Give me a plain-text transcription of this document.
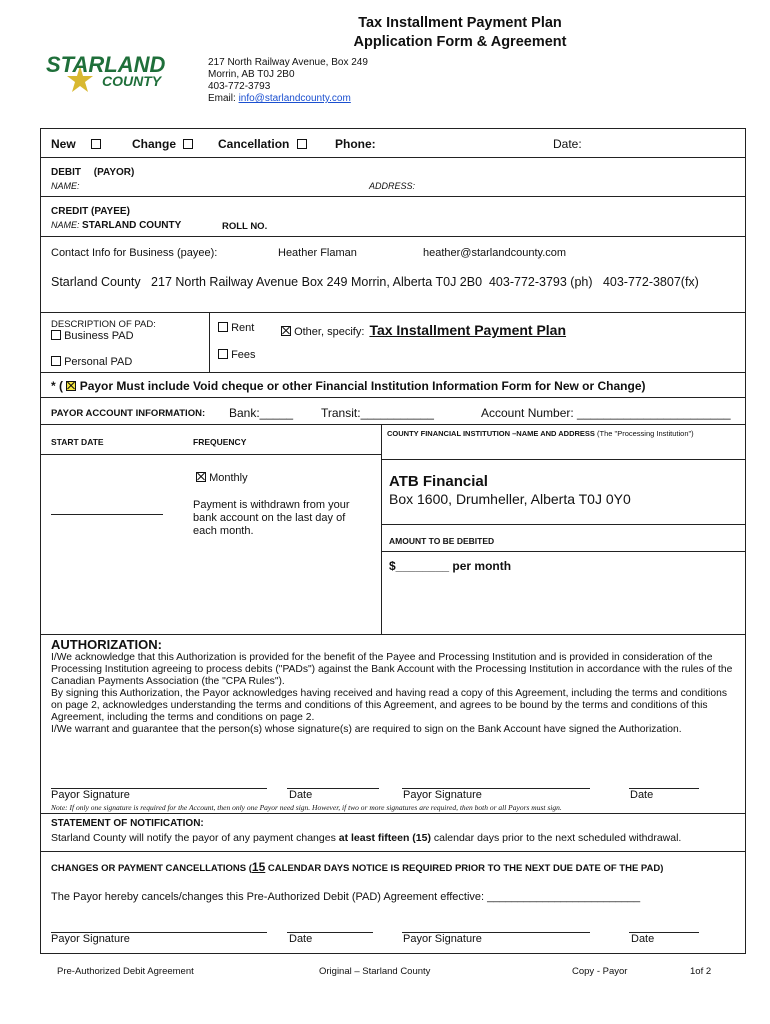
STARLAND
COUNTY
Tax Installment Payment Plan
Application Form & Agreement
217 North Railway Avenue, Box 249
Morrin, AB T0J 2B0
403-772-3793
Email: info@starlandcounty.com
New	Change	Cancellation	Phone:	Date:
DEBIT (PAYOR)
NAME:	ADDRESS:
CREDIT (PAYEE)
NAME: STARLAND COUNTY	ROLL NO.
Contact Info for Business (payee):	Heather Flaman	heather@starlandcounty.com
Starland County   217 North Railway Avenue Box 249 Morrin, Alberta T0J 2B0  403-772-3793 (ph)   403-772-3807(fx)
DESCRIPTION OF PAD:
Business PAD
Personal PAD
Rent
Fees
Other, specify: Tax Installment Payment Plan
* ( Payor Must include Void cheque or other Financial Institution Information Form for New or Change)
PAYOR ACCOUNT INFORMATION: Bank:_____ Transit:___________	Account Number: _______________________
START DATE	FREQUENCY
COUNTY FINANCIAL INSTITUTION –NAME AND ADDRESS (The "Processing Institution")
Monthly
Payment is withdrawn from your bank account on the last day of each month.
ATB Financial
Box 1600, Drumheller, Alberta T0J 0Y0
AMOUNT TO BE DEBITED
$________ per month
AUTHORIZATION:
I/We acknowledge that this Authorization is provided for the benefit of the Payee and Processing Institution and is provided in consideration of the Processing Institution agreeing to process debits ("PADs") against the Bank Account with the Processing Institution in accordance with the rules of the Canadian Payments Association (the "CPA Rules").
By signing this Authorization, the Payor acknowledges having received and having read a copy of this Agreement, including the terms and conditions on page 2, acknowledges understanding the terms and conditions of this Agreement, and agrees to be bound by the terms and conditions of this Agreement, including the terms and conditions on page 2.
I/We warrant and guarantee that the person(s) whose signature(s) are required to sign on the Bank Account have signed the Authorization.
Payor Signature	Date	Payor Signature	Date
Note: If only one signature is required for the Account, then only one Payor need sign. However, if two or more signatures are required, then both or all Payors must sign.
STATEMENT OF NOTIFICATION:
Starland County will notify the payor of any payment changes at least fifteen (15) calendar days prior to the next scheduled withdrawal.
CHANGES OR PAYMENT CANCELLATIONS (15 CALENDAR DAYS NOTICE IS REQUIRED PRIOR TO THE NEXT DUE DATE OF THE PAD)
The Payor hereby cancels/changes this Pre-Authorized Debit (PAD) Agreement effective: _________________________
Payor Signature	Date	Payor Signature	Date
Pre-Authorized Debit Agreement	Original – Starland County	Copy - Payor	1of 2
